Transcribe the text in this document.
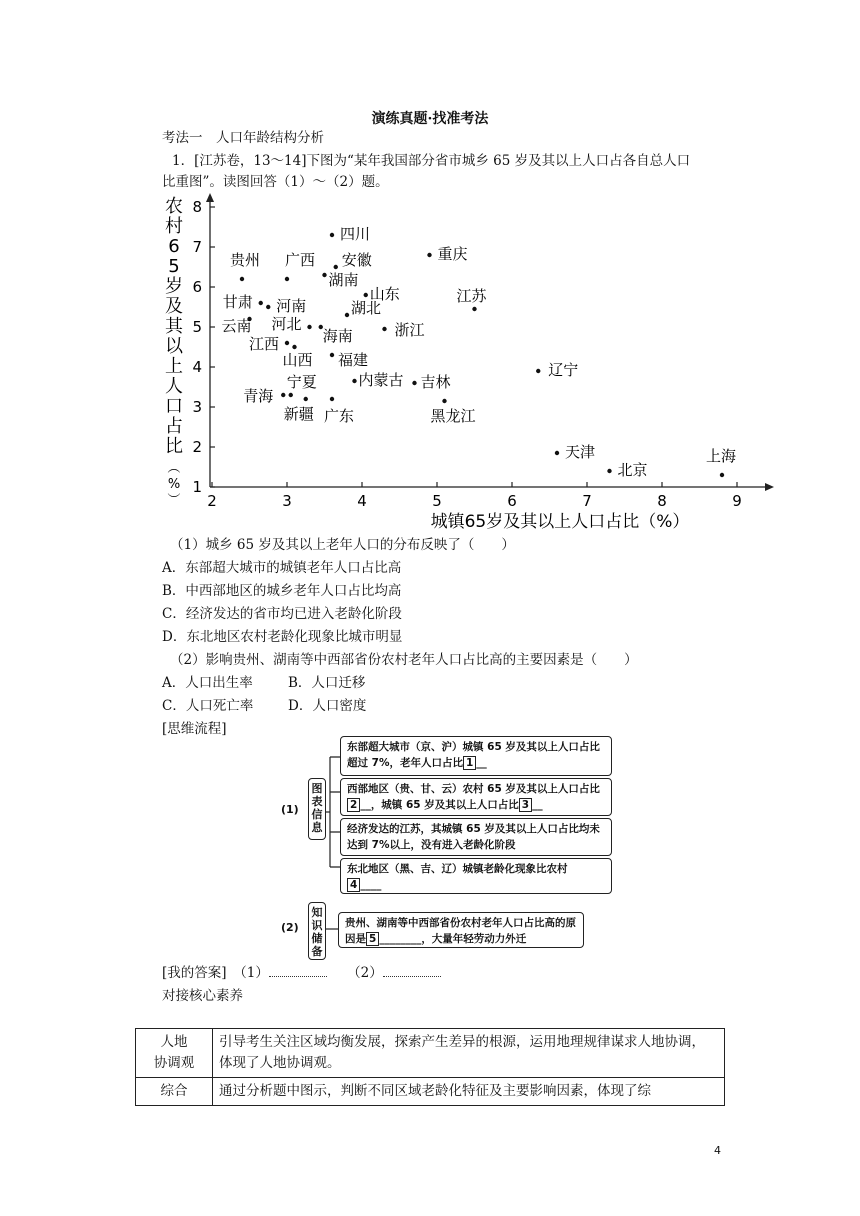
演练真题·找准考法
考法一　人口年龄结构分析
1．[江苏卷，13～14]下图为“某年我国部分省市城乡 65 岁及其以上人口占各自总人口
比重图”。读图回答（1）～（2）题。
2	3	4	5	6	7	8	9
1
2
3
4
5
6
7
8
城镇65岁及其以上人口占比（%）
农
村
6
5
岁
及
其
以
上
人
口
占
比
（
%
）
四川
重庆
贵州 广西 安徽
湖南
甘肃 河南
山东	江苏
湖北
云南 河北	浙江
海南
江西
山西 福建
辽宁
内蒙古 吉林
宁夏
青海
新疆 广东	黑龙江
天津
北京
上海
（1）城乡 65 岁及其以上老年人口的分布反映了（　　）
A．东部超大城市的城镇老年人口占比高
B．中西部地区的城乡老年人口占比均高
C．经济发达的省市均已进入老龄化阶段
D．东北地区农村老龄化现象比城市明显
（2）影响贵州、湖南等中西部省份农村老年人口占比高的主要因素是（　　）
A．人口出生率	B．人口迁移
C．人口死亡率	D．人口密度
[思维流程]
(1)
图表信息
东部超大城市（京、沪）城镇 65 岁及其以上人口占比超过 7%，老年人口占比 1 __
西部地区（贵、甘、云）农村 65 岁及其以上人口占比2 __，城镇 65 岁及其以上人口占比 3 __
经济发达的江苏，其城镇 65 岁及其以上人口占比均未达到 7%以上，没有进入老龄化阶段
东北地区（黑、吉、辽）城镇老龄化现象比农村
4 ____
(2)
知识储备
贵州、湖南等中西部省份农村老年人口占比高的原因是 5 ________，大量年轻劳动力外迁
[我的答案]　（1）　　	（2）
对接核心素养
人地
协调观	引导考生关注区域均衡发展，探索产生差异的根源，运用地理规律谋求人地协调，体现了人地协调观。
综合	通过分析题中图示，判断不同区域老龄化特征及主要影响因素，体现了综
4
